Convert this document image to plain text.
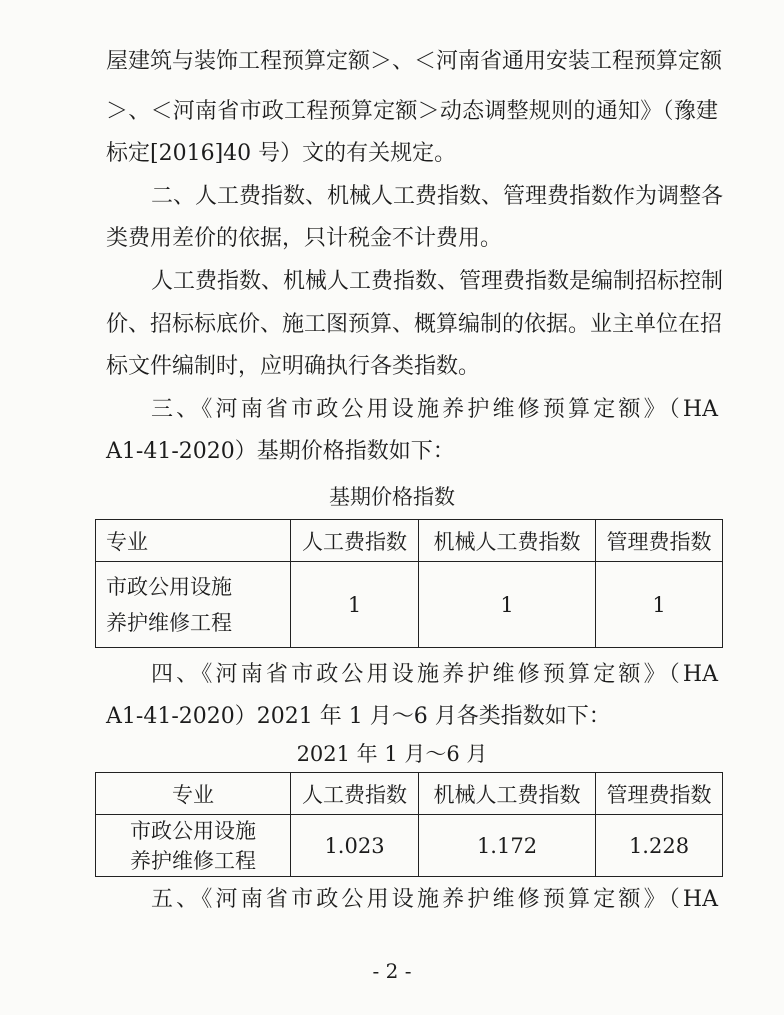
屋建筑与装饰工程预算定额＞、＜河南省通用安装工程预算定额
＞、＜河南省市政工程预算定额＞动态调整规则的通知》（豫建
标定[2016]40 号）文的有关规定。
二、人工费指数、机械人工费指数、管理费指数作为调整各
类费用差价的依据，只计税金不计费用。
人工费指数、机械人工费指数、管理费指数是编制招标控制
价、招标标底价、施工图预算、概算编制的依据。业主单位在招
标文件编制时，应明确执行各类指数。
三、《河南省市政公用设施养护维修预算定额》（HA
A1-41-2020）基期价格指数如下：
基期价格指数
专业	人工费指数	机械人工费指数	管理费指数

市政公用设施
养护维修工程	1	1	1
四、《河南省市政公用设施养护维修预算定额》（HA
A1-41-2020）2021 年 1 月～6 月各类指数如下：
2021 年 1 月～6 月
专业	人工费指数	机械人工费指数	管理费指数

市政公用设施
养护维修工程	1.023	1.172	1.228
五、《河南省市政公用设施养护维修预算定额》（HA
- 2 -
